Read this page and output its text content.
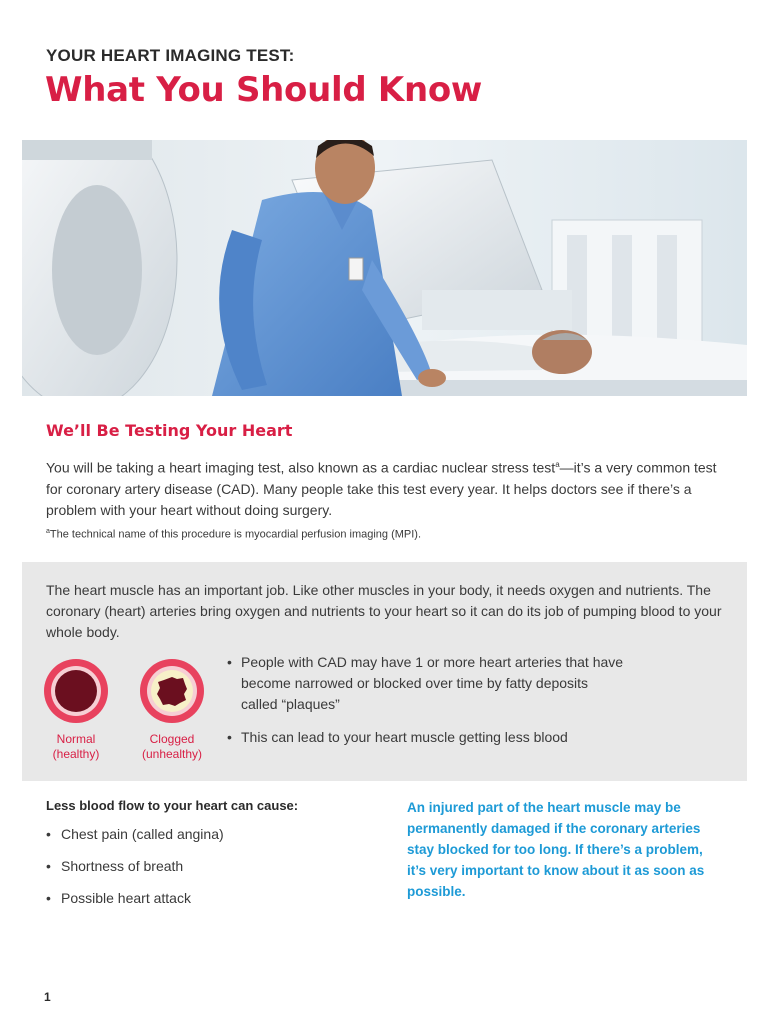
YOUR HEART IMAGING TEST:
What You Should Know
We’ll Be Testing Your Heart

You will be taking a heart imaging test, also known as a cardiac nuclear stress test$^a$—it’s a very common test for coronary artery disease (CAD). Many people take this test every year. It helps doctors see if there’s a problem with your heart without doing surgery.

$^a$The technical name of this procedure is myocardial perfusion imaging (MPI).

The heart muscle has an important job. Like other muscles in your body, it needs oxygen and nutrients. The coronary (heart) arteries bring oxygen and nutrients to your heart so it can do its job of pumping blood to your whole body.

Normal
(healthy)
Clogged
(unhealthy)
• People with CAD may have 1 or more heart arteries that have become narrowed or blocked over time by fatty deposits called “plaques”
• This can lead to your heart muscle getting less blood
Less blood flow to your heart can cause:
• Chest pain (called angina)
• Shortness of breath
• Possible heart attack

An injured part of the heart muscle may be permanently damaged if the coronary arteries stay blocked for too long. If there’s a problem, it’s very important to know about it as soon as possible.

1
